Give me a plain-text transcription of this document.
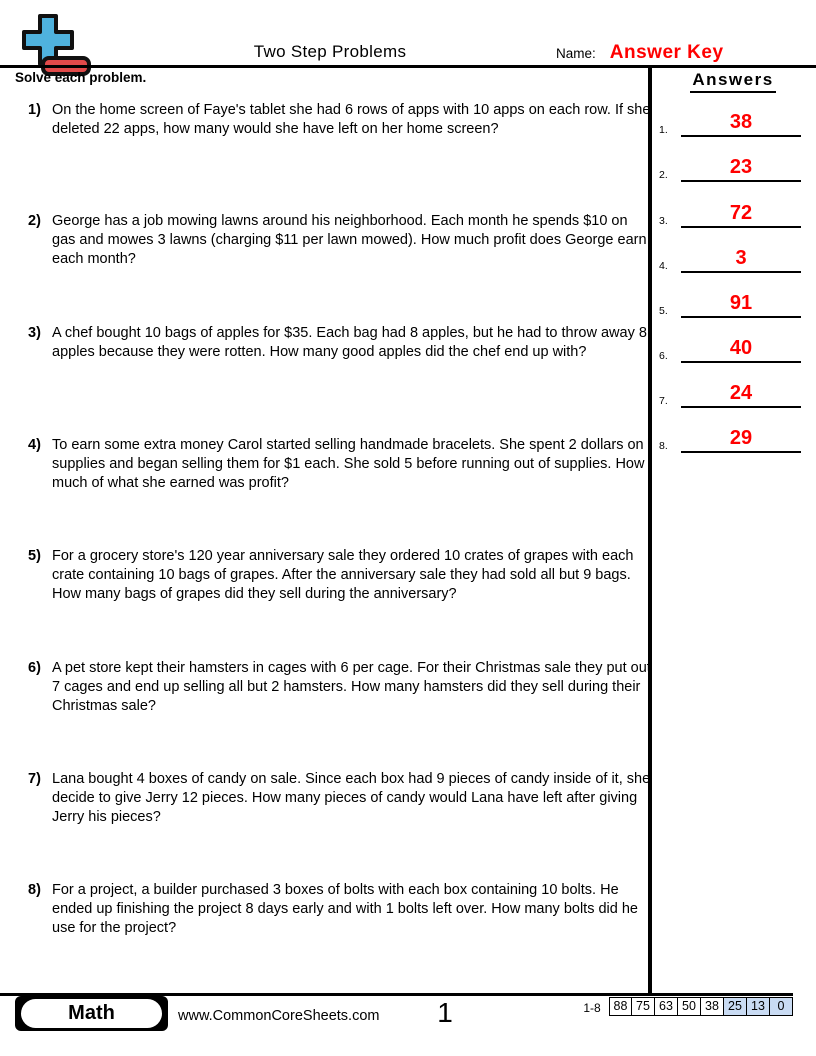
Two Step Problems	Name: Answer Key
Solve each problem.	Answers
1.	38
2.	23
3.	72
4.	3
5.	91
6.	40
7.	24
8.	29
1) On the home screen of Faye's tablet she had 6 rows of apps with 10 apps on each row. If she deleted 22 apps, how many would she have left on her home screen?
2) George has a job mowing lawns around his neighborhood. Each month he spends $10 on gas and mowes 3 lawns (charging $11 per lawn mowed). How much profit does George earn each month?
3) A chef bought 10 bags of apples for $35. Each bag had 8 apples, but he had to throw away 8 apples because they were rotten. How many good apples did the chef end up with?
4) To earn some extra money Carol started selling handmade bracelets. She spent 2 dollars on supplies and began selling them for $1 each. She sold 5 before running out of supplies. How much of what she earned was profit?
5) For a grocery store's 120 year anniversary sale they ordered 10 crates of grapes with each crate containing 10 bags of grapes. After the anniversary sale they had sold all but 9 bags. How many bags of grapes did they sell during the anniversary?
6) A pet store kept their hamsters in cages with 6 per cage. For their Christmas sale they put out 7 cages and end up selling all but 2 hamsters. How many hamsters did they sell during their Christmas sale?
7) Lana bought 4 boxes of candy on sale. Since each box had 9 pieces of candy inside of it, she decide to give Jerry 12 pieces. How many pieces of candy would Lana have left after giving Jerry his pieces?
8) For a project, a builder purchased 3 boxes of bolts with each box containing 10 bolts. He ended up finishing the project 8 days early and with 1 bolts left over. How many bolts did he use for the project?
Math	www.CommonCoreSheets.com	1	1-8	88 75 63 50 38 25 13	0
